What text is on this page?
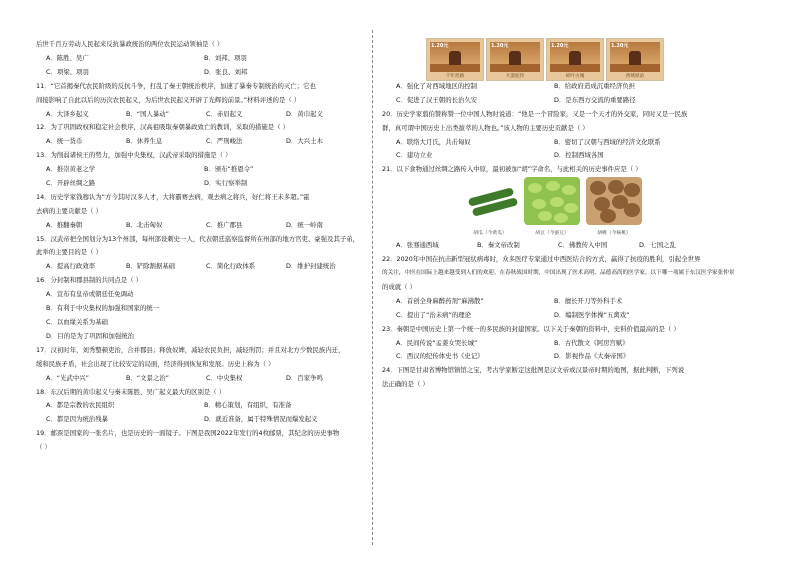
后世千百万劳动人民起来反抗暴政统治的两位农民运动领袖是（ ）
A．陈胜、吴广	B．刘邦、项羽
C．项梁、项羽	D．张良、刘邦
11．“它首揭秦代农民阶级的反抗斗争，打乱了秦王朝统治秩序，加速了暴秦专制统治的灭亡；它也
间接影响了自此以后的历次农民起义，为后世农民起义开辟了光辉的前景。”材料评述的是（ ）
A．大泽乡起义	B．“国人暴动”	C．赤眉起义	D．黄巾起义
12．为了巩固政权和稳定社会秩序，汉高祖吸取秦朝暴政致亡的教训，采取的措施是（ ）
A．统一货币	B．休养生息	C．严刑峻法	D．大兴土木
13．为削弱诸侯王的势力，加强中央集权，汉武帝采取的措施是（ ）
A．推崇黄老之学	B．颁布“推恩令”
C．开辟丝绸之路	D．实行察举制
14．历史学家钱穆认为“方今其时汉多人才，大将霸赛去病，观去病之将兵，好仁将王未多超。”霍
去病的主要贡献是（ ）
A．推翻秦朝	B．北击匈奴	C．推广郡县	D．统一岭南
15．汉武帝把全国划分为13个州部，每州部设刺史一人，代表朝廷巡察监督所在州部的地方官吏、豪强及其子弟，
此举的主要目的是（ ）
A．提高行政效率	B．铲除割据基础	C．简化行政体系	D．维护封建统治
16．分封制和郡县制的共同点是（ ）
A．宣布有皇帝或朝廷任免调动
B．有利于中央集权的加强和国家的统一
C．以血缘关系为基础
D．目的是为了巩固和加强统治
17．汉初时年，刘秀整顿吏治，合并郡县；释放奴婢，减轻农民负担，减轻刑罚；并且对北方少数民族内迁，
缓和民族矛盾，社会出现了比较安定的局面，经济得到恢复和发展。历史上称为（ ）
A．“光武中兴”	B．“文景之治”	C．中央集权	D．百家争鸣
18．东汉后期的黄巾起义与秦末陈胜、吴广起义最大的区别是（ ）
A．都是宗教的农民组织	B．精心策划，有组织，有准备
C．都是因为统治残暴	D．就近准备，属于特殊情况而爆发起义
19．邮票是国家的一张名片，也是历史的一面镜子。下图是我国2022年发行的4枚邮票，其纪念的历史事物
（ ）
1.20元
千年丝路
1.20元
大漠驼铃
1.20元
碎叶古城
1.20元
西域驿站
A．强化了对西域地区的控制	B．给政府造成沉重经济负担
C．促进了汉王朝的长治久安	D．是东西方交流的重要路径
20．历史学家翦伯赞称赞一位中国人物时说道：“他是一个冒险家，又是一个天才的外交家，同时又是一民族
群，真可谓中国历史上出类拔萃的人物也。”该人物的主要历史贡献是（ ）
A．联络大月氏，共击匈奴	B．密切了汉朝与西域的经济文化联系
C．建功立业	D．控制西域各国
21．以下食物通过丝绸之路传入中原，最初被加“胡”字命名，与此相关的历史事件应是（ ）
胡瓜（今黄瓜）	胡豆（今蚕豆）	胡桃（今核桃）
A．张骞通西域	B．秦文帝改制	C．佛教传入中国	D．七国之乱
22．2020年中国在抗击新型冠状病毒时，众多医疗专家通过中西医结合的方式，赢得了抗疫的胜利，引起全世界
的关注，中医在国际上越来越受到人们的欢迎。在春秋战国时期，中国出现了医术高明、品德高尚的医学家。以下哪一项属于东汉医学家张仲景
的成就（ ）
A．首创全身麻醉药剂“麻沸散”	B．擅长开刀等外科手术
C．提出了“治未病”的理论	D．编制医学体操“五禽戏”
23．秦朝是中国历史上第一个统一的多民族的封建国家。以下关于秦朝的资料中，史料价值最高的是（ ）
A．民间传说“孟姜女哭长城”	B．古代散文《阿房宫赋》
C．西汉的纪传体史书《史记》	D．影视作品《大秦帝国》
24．下图是甘肃省博物馆镇馆之宝，考古学家断定这批图是汉文帝或汉景帝时期的地图，据此判断，下列说
法正确的是（ ）
